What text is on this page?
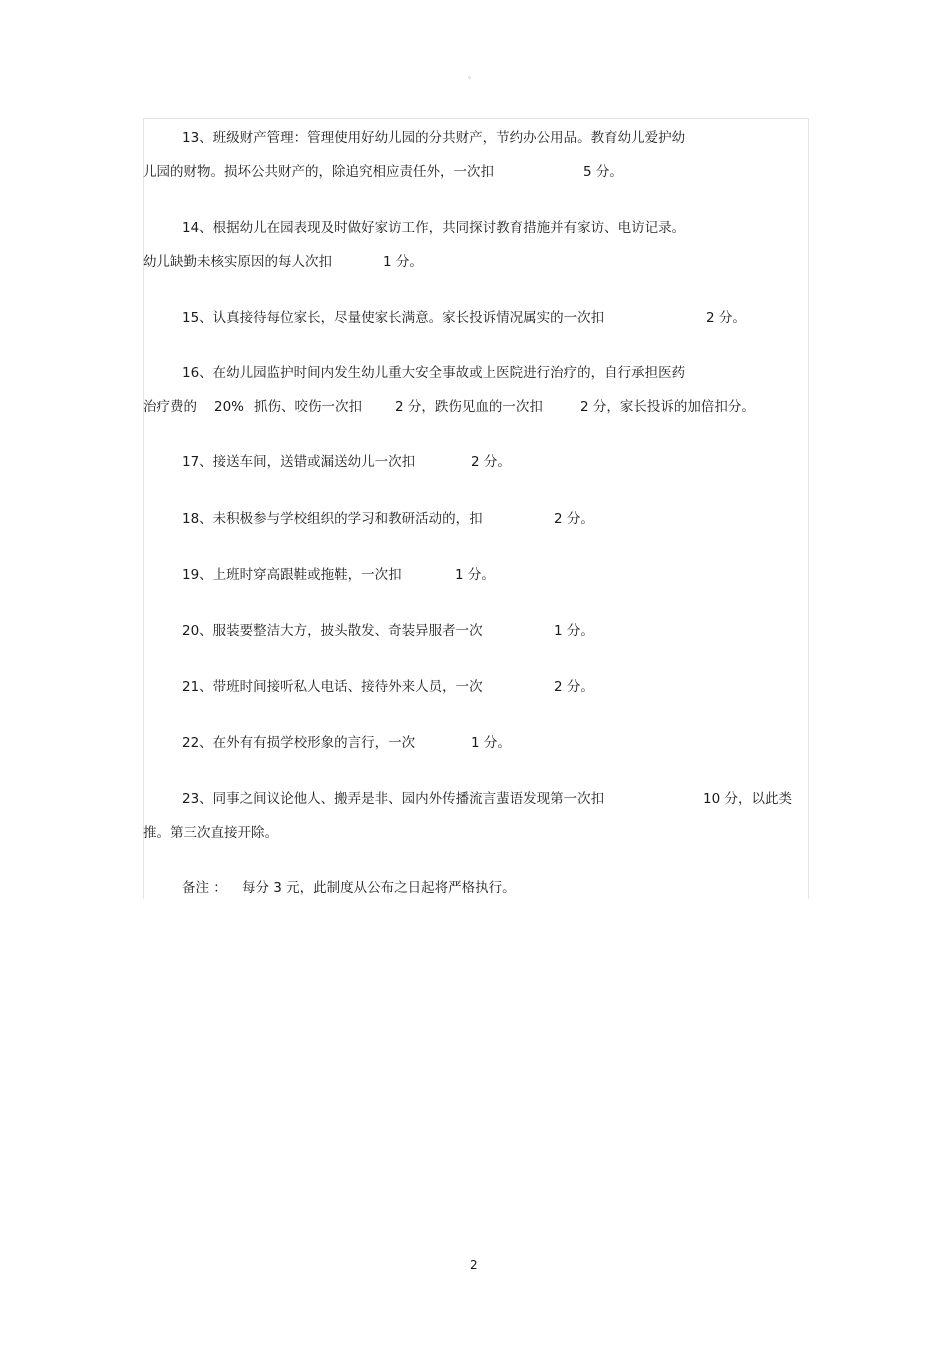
。
13、班级财产管理：管理使用好幼儿园的分共财产，节约办公用品。教育幼儿爱护幼
儿园的财物。损坏公共财产的，除追究相应责任外，一次扣	5 分。
14、根据幼儿在园表现及时做好家访工作，共同探讨教育措施并有家访、电访记录。
幼儿缺勤未核实原因的每人次扣	1 分。
15、认真接待每位家长，尽量使家长满意。家长投诉情况属实的一次扣	2 分。
16、在幼儿园监护时间内发生幼儿重大安全事故或上医院进行治疗的，自行承担医药
治疗费的 20% 抓伤、咬伤一次扣 2 分，跌伤见血的一次扣	2 分，家长投诉的加倍扣分。
17、接送车间，送错或漏送幼儿一次扣	2 分。
18、未积极参与学校组织的学习和教研活动的，扣	2 分。
19、上班时穿高跟鞋或拖鞋，一次扣	1 分。
20、服装要整洁大方，披头散发、奇装异服者一次	1 分。
21、带班时间接听私人电话、接待外来人员，一次	2 分。
22、在外有有损学校形象的言行，一次	1 分。
23、同事之间议论他人、搬弄是非、园内外传播流言蜚语发现第一次扣	10 分，以此类
推。第三次直接开除。
备注 ： 每分 3 元，此制度从公布之日起将严格执行。
2
